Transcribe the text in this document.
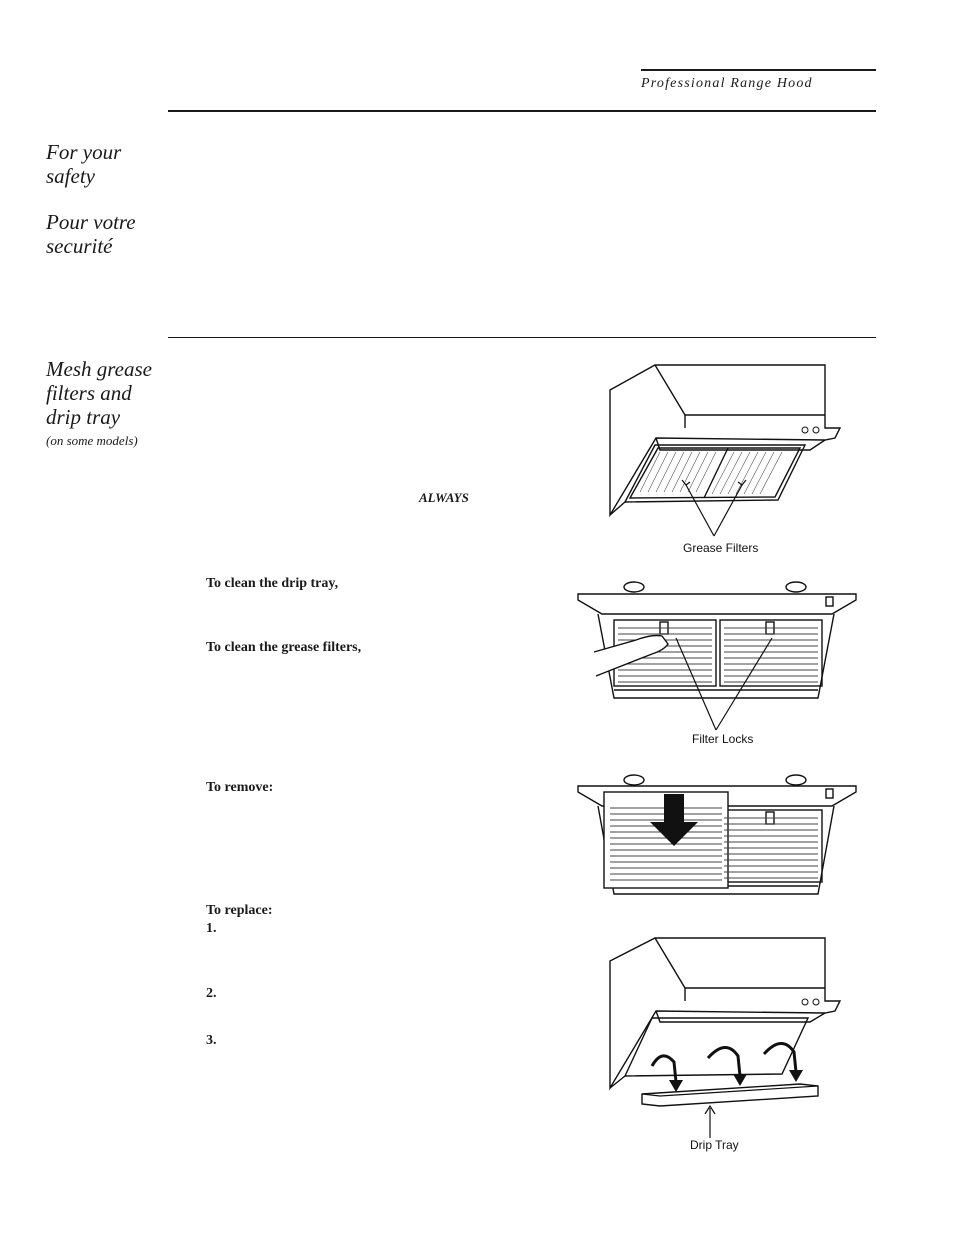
Professional Range Hood
For your
safety
Pour votre
securité
Mesh grease
filters and
drip tray
(on some models)
ALWAYS
To clean the drip tray,
To clean the grease filters,
To remove:
To replace:
1.
2.
3.
Grease Filters
Filter Locks
Drip Tray
